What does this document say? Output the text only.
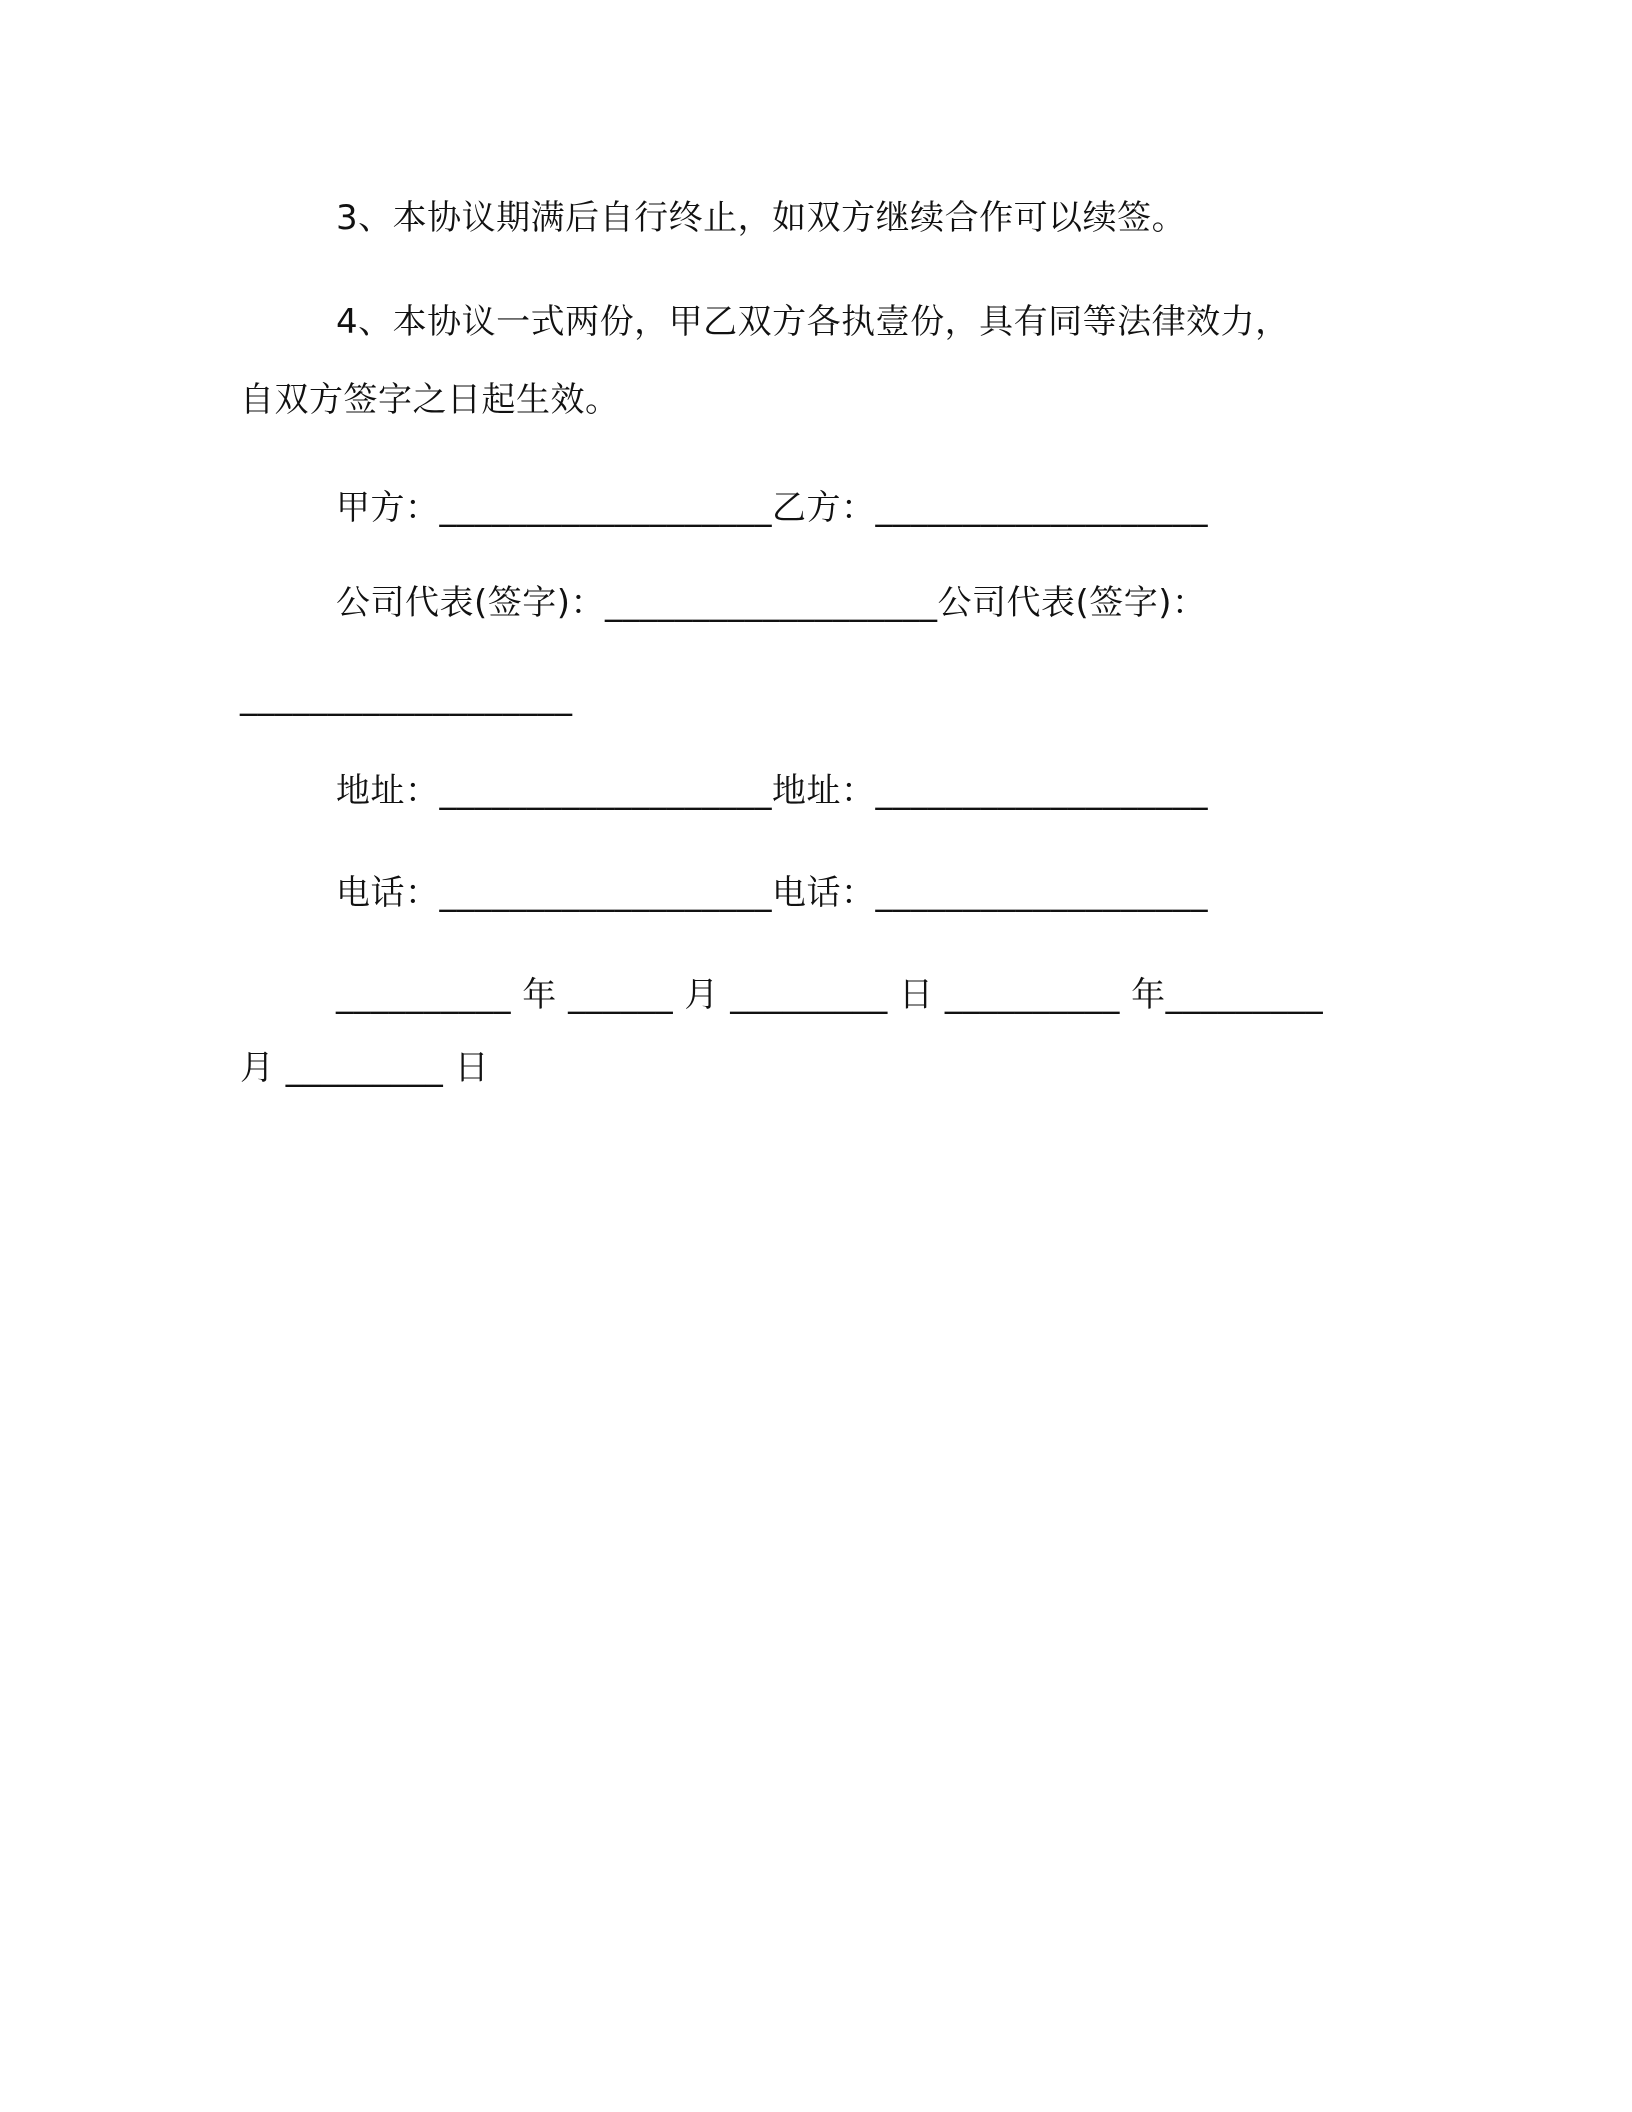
3、本协议期满后自行终止，如双方继续合作可以续签。
4、本协议一式两份，甲乙双方各执壹份，具有同等法律效力，
自双方签字之日起生效。
甲方：___________________乙方：___________________
公司代表(签字)：___________________公司代表(签字)：
___________________
地址：___________________地址：___________________
电话：___________________电话：___________________
__________ 年 ______ 月 _________ 日 __________ 年_________
月 _________ 日
